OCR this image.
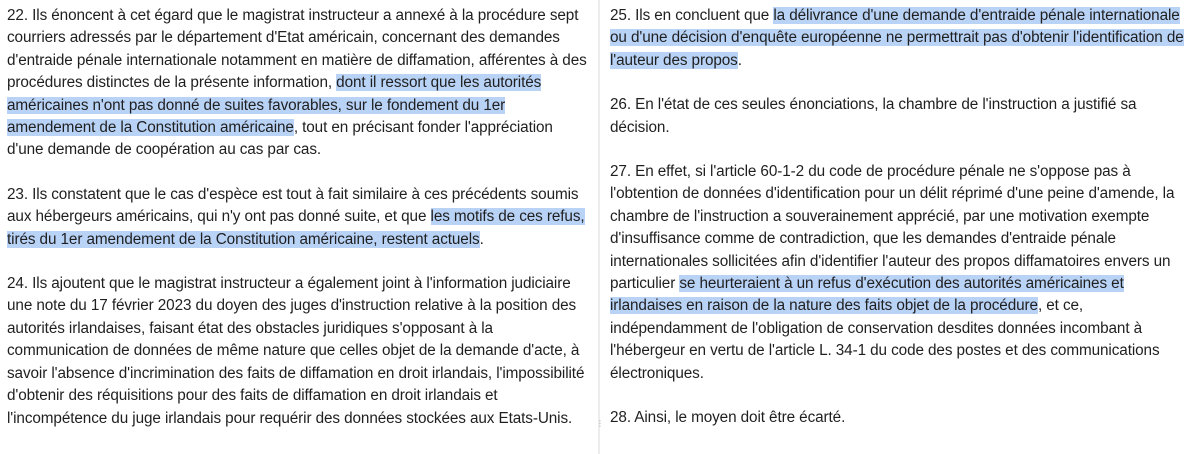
22. Ils énoncent à cet égard que le magistrat instructeur a annexé à la procédure sept courriers adressés par le département d'Etat américain, concernant des demandes d'entraide pénale internationale notamment en matière de diffamation, afférentes à des procédures distinctes de la présente information, dont il ressort que les autorités américaines n'ont pas donné de suites favorables, sur le fondement du 1er amendement de la Constitution américaine, tout en précisant fonder l'appréciation d'une demande de coopération au cas par cas.

23. Ils constatent que le cas d'espèce est tout à fait similaire à ces précédents soumis aux hébergeurs américains, qui n'y ont pas donné suite, et que les motifs de ces refus, tirés du 1er amendement de la Constitution américaine, restent actuels.

24. Ils ajoutent que le magistrat instructeur a également joint à l'information judiciaire une note du 17 février 2023 du doyen des juges d'instruction relative à la position des autorités irlandaises, faisant état des obstacles juridiques s'opposant à la communication de données de même nature que celles objet de la demande d'acte, à savoir l'absence d'incrimination des faits de diffamation en droit irlandais, l'impossibilité d'obtenir des réquisitions pour des faits de diffamation en droit irlandais et l'incompétence du juge irlandais pour requérir des données stockées aux Etats-Unis.

25. Ils en concluent que la délivrance d'une demande d'entraide pénale internationale ou d'une décision d'enquête européenne ne permettrait pas d'obtenir l'identification de l'auteur des propos.

26. En l'état de ces seules énonciations, la chambre de l'instruction a justifié sa décision.

27. En effet, si l'article 60-1-2 du code de procédure pénale ne s'oppose pas à l'obtention de données d'identification pour un délit réprimé d'une peine d'amende, la chambre de l'instruction a souverainement apprécié, par une motivation exempte d'insuffisance comme de contradiction, que les demandes d'entraide pénale internationales sollicitées afin d'identifier l'auteur des propos diffamatoires envers un particulier se heurteraient à un refus d'exécution des autorités américaines et irlandaises en raison de la nature des faits objet de la procédure, et ce, indépendamment de l'obligation de conservation desdites données incombant à l'hébergeur en vertu de l'article L. 34-1 du code des postes et des communications électroniques.

28. Ainsi, le moyen doit être écarté.

⋮
